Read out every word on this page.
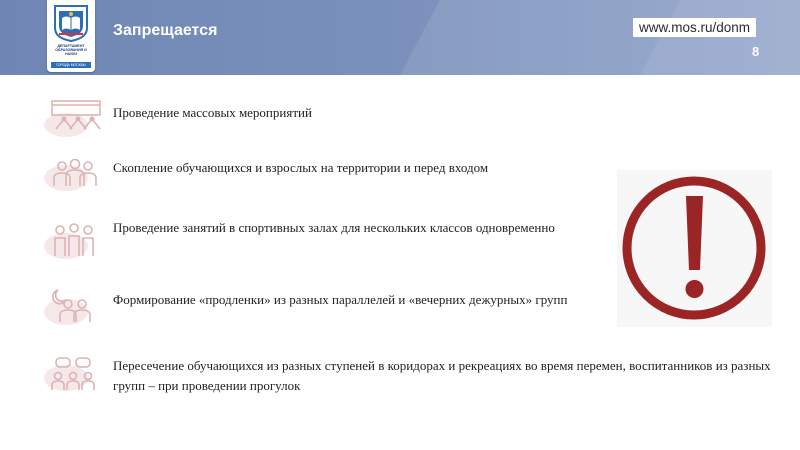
ДЕПАРТАМЕНТ ОБРАЗОВАНИЯ И НАУКИ
ГОРОДА МОСКВЫ
Запрещается	www.mos.ru/donm
8
Проведение массовых мероприятий
Скопление обучающихся и взрослых на территории и перед входом
Проведение занятий в спортивных залах для нескольких классов одновременно
Формирование «продленки» из разных параллелей и «вечерних дежурных» групп
Пересечение обучающихся из разных ступеней в коридорах и рекреациях во время перемен, воспитанников из разных групп – при проведении прогулок
